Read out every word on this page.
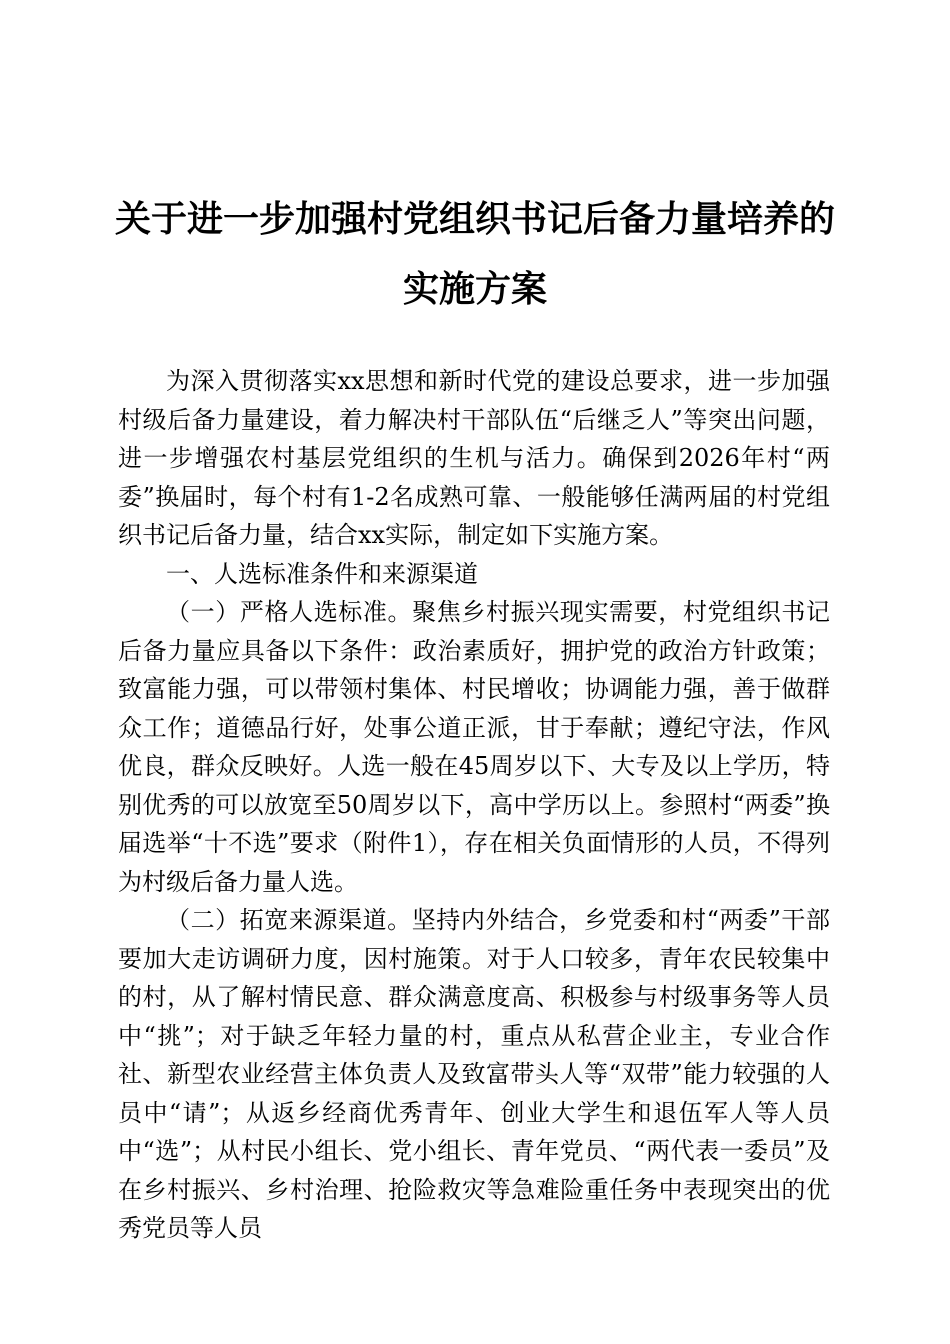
关于进一步加强村党组织书记后备力量培养的
实施方案

为深入贯彻落实xx思想和新时代党的建设总要求，进一步加强村级后备力量建设，着力解决村干部队伍“后继乏人”等突出问题，进一步增强农村基层党组织的生机与活力。确保到2026年村“两委”换届时，每个村有1-2名成熟可靠、一般能够任满两届的村党组织书记后备力量，结合xx实际，制定如下实施方案。

一、人选标准条件和来源渠道

（一）严格人选标准。聚焦乡村振兴现实需要，村党组织书记后备力量应具备以下条件：政治素质好，拥护党的政治方针政策；致富能力强，可以带领村集体、村民增收；协调能力强，善于做群众工作；道德品行好，处事公道正派，甘于奉献；遵纪守法，作风优良，群众反映好。人选一般在45周岁以下、大专及以上学历，特别优秀的可以放宽至50周岁以下，高中学历以上。参照村“两委”换届选举“十不选”要求（附件1），存在相关负面情形的人员，不得列为村级后备力量人选。

（二）拓宽来源渠道。坚持内外结合，乡党委和村“两委”干部要加大走访调研力度，因村施策。对于人口较多，青年农民较集中的村，从了解村情民意、群众满意度高、积极参与村级事务等人员中“挑”；对于缺乏年轻力量的村，重点从私营企业主，专业合作社、新型农业经营主体负责人及致富带头人等“双带”能力较强的人员中“请”；从返乡经商优秀青年、创业大学生和退伍军人等人员中“选”；从村民小组长、党小组长、青年党员、“两代表一委员”及在乡村振兴、乡村治理、抢险救灾等急难险重任务中表现突出的优秀党员等人员
